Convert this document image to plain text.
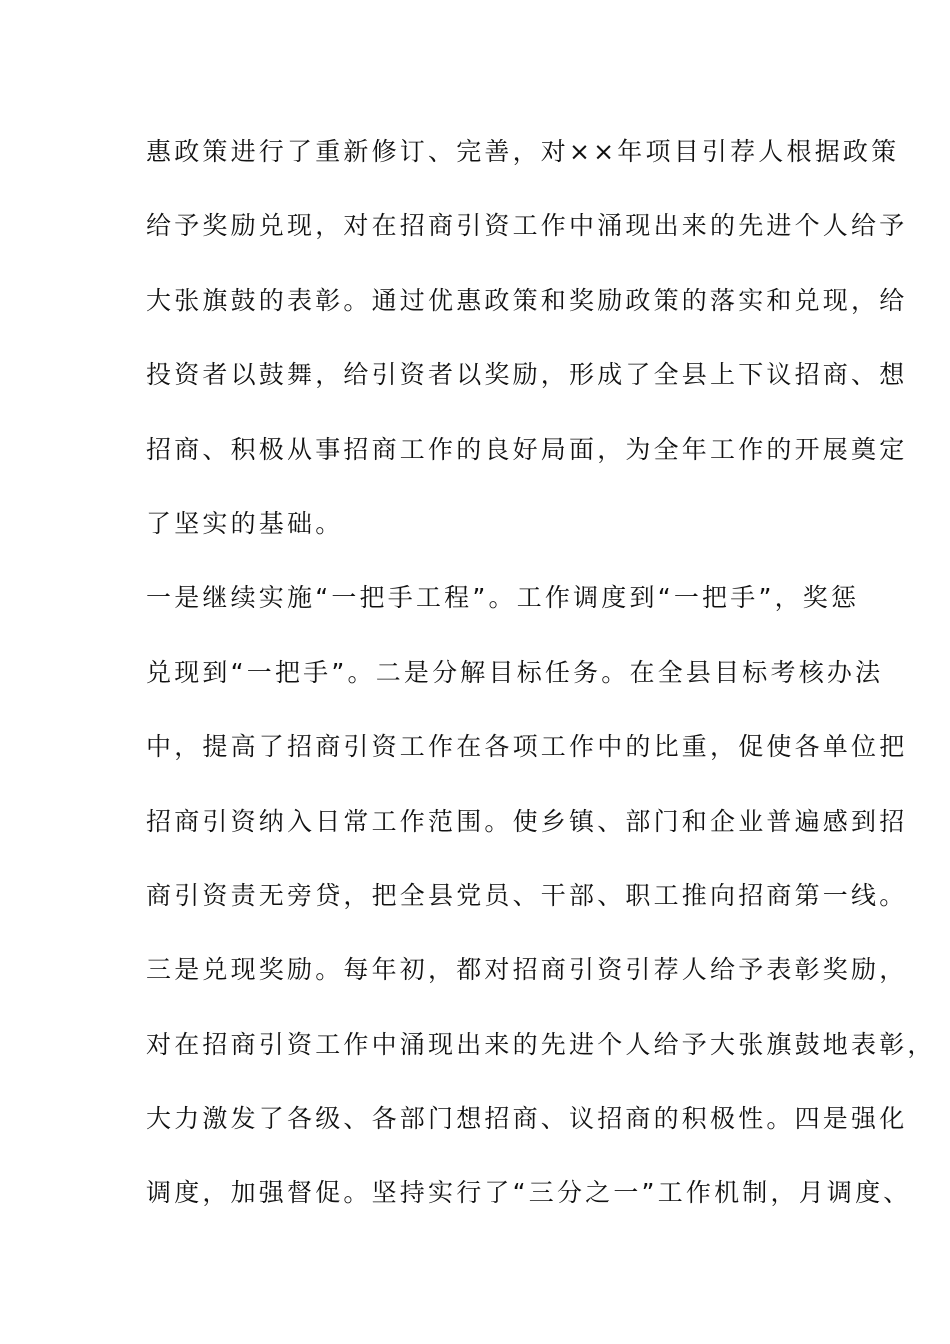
惠政策进行了重新修订、完善，对××年项目引荐人根据政策
给予奖励兑现，对在招商引资工作中涌现出来的先进个人给予
大张旗鼓的表彰。通过优惠政策和奖励政策的落实和兑现，给
投资者以鼓舞，给引资者以奖励，形成了全县上下议招商、想
招商、积极从事招商工作的良好局面，为全年工作的开展奠定
了坚实的基础。
一是继续实施“一把手工程”。工作调度到“一把手”，奖惩
兑现到“一把手”。二是分解目标任务。在全县目标考核办法
中，提高了招商引资工作在各项工作中的比重，促使各单位把
招商引资纳入日常工作范围。使乡镇、部门和企业普遍感到招
商引资责无旁贷，把全县党员、干部、职工推向招商第一线。
三是兑现奖励。每年初，都对招商引资引荐人给予表彰奖励，
对在招商引资工作中涌现出来的先进个人给予大张旗鼓地表彰，
大力激发了各级、各部门想招商、议招商的积极性。四是强化
调度，加强督促。坚持实行了“三分之一”工作机制，月调度、
